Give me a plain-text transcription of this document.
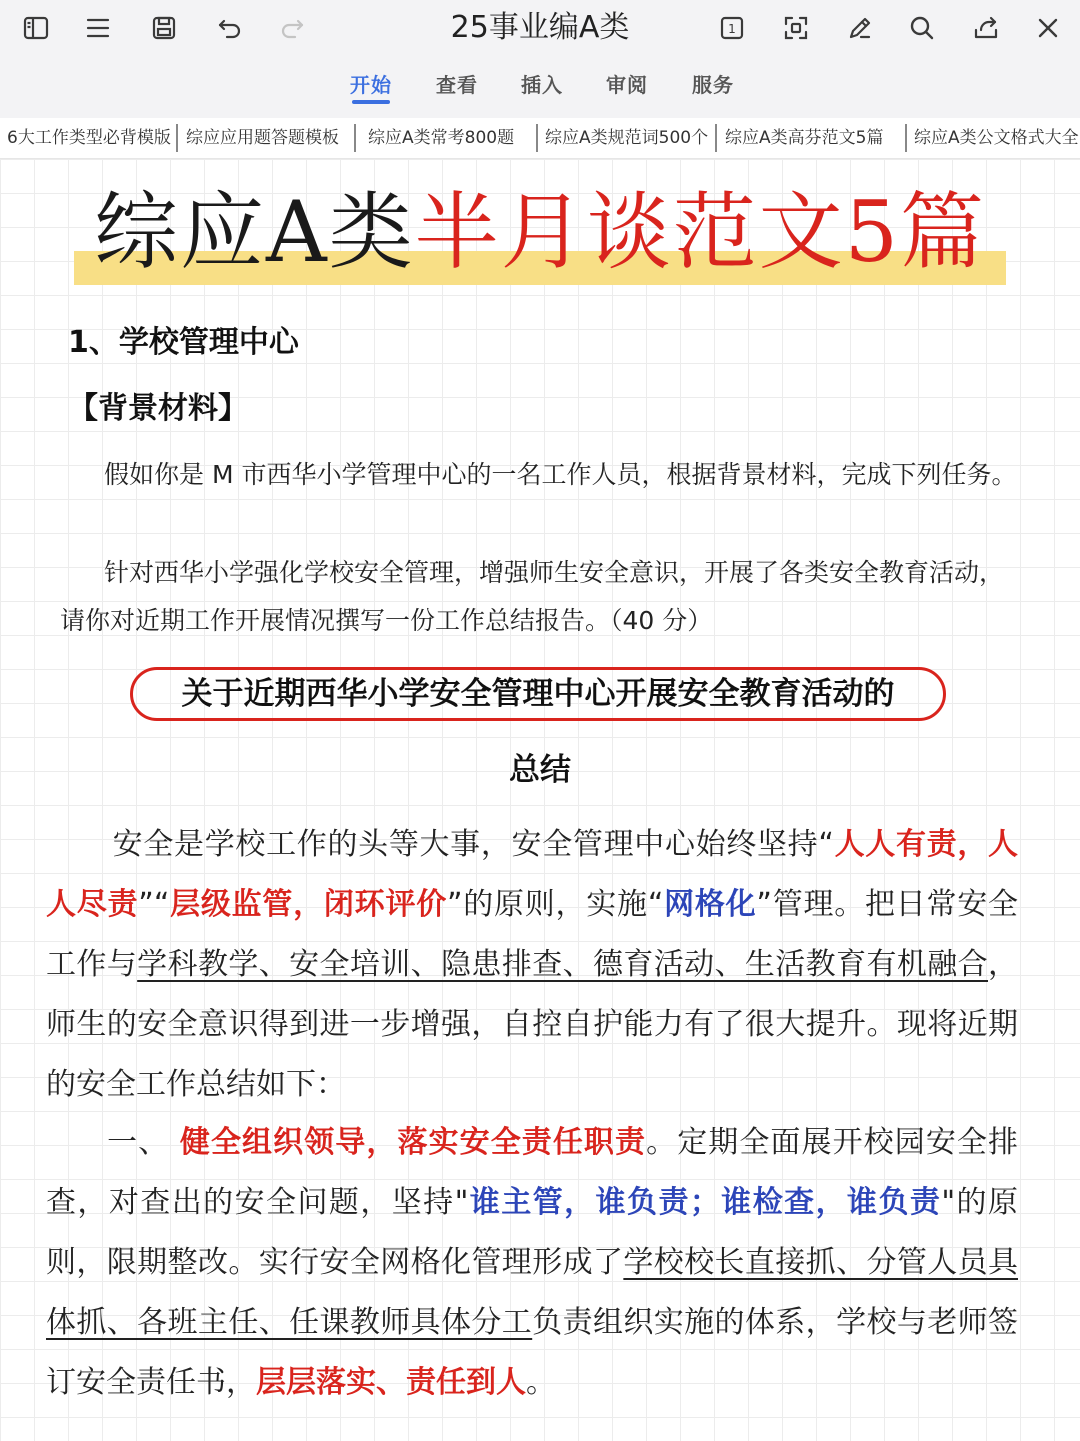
25事业编A类	1
开始 查看 插入 审阅 服务
6大工作类型必背模版 综应应用题答题模板 综应A类常考800题 综应A类规范词500个 综应A类高芬范文5篇 综应A类公文格式大全
综应A类半月谈范文5篇
1、学校管理中心
【背景材料】

假如你是 M 市西华小学管理中心的一名工作人员，根据背景材料，完成下列任务。

针对西华小学强化学校安全管理，增强师生安全意识，开展了各类安全教育活动，请你对近期工作开展情况撰写一份工作总结报告。（40 分）

关于近期西华小学安全管理中心开展安全教育活动的
总结

安全是学校工作的头等大事，安全管理中心始终坚持“人人有责，人人尽责”“层级监管，闭环评价”的原则，实施“网格化”管理。把日常安全工作与学科教学、安全培训、隐患排查、德育活动、生活教育有机融合，师生的安全意识得到进一步增强，自控自护能力有了很大提升。现将近期的安全工作总结如下：

一、 健全组织领导，落实安全责任职责。定期全面展开校园安全排查，对查出的安全问题，坚持"谁主管，谁负责；谁检查，谁负责"的原则，限期整改。实行安全网格化管理形成了学校校长直接抓、分管人员具体抓、各班主任、任课教师具体分工负责组织实施的体系，学校与老师签订安全责任书，层层落实、责任到人。
